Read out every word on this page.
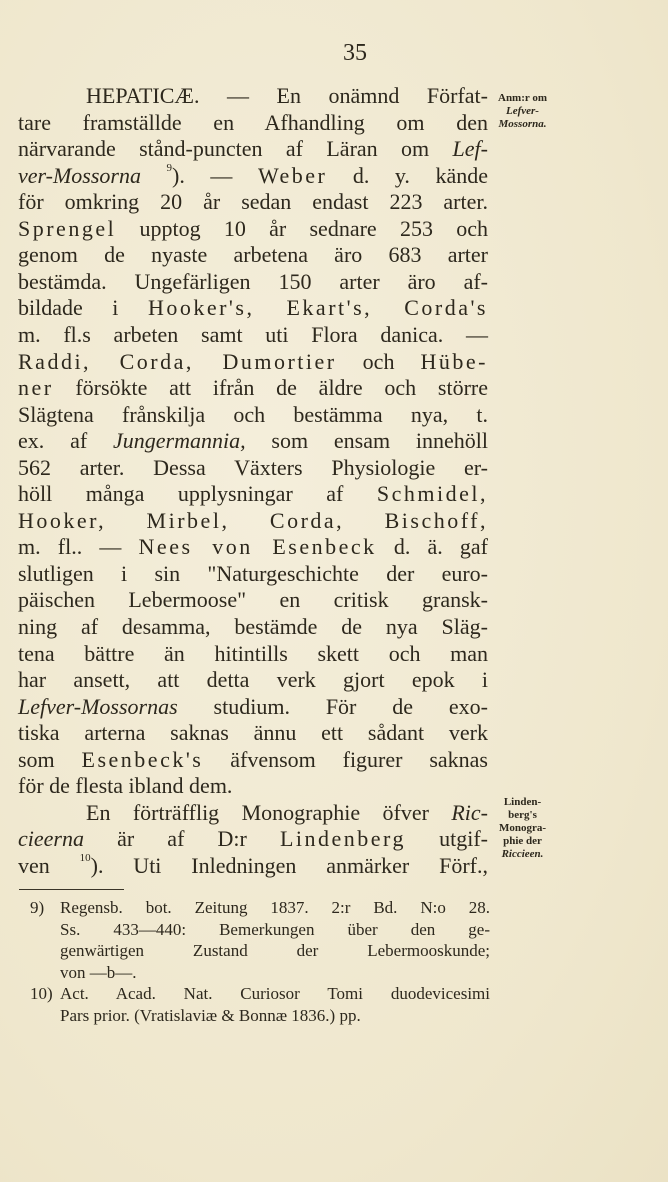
35
HEPATICÆ. — En onämnd Förfat-
tare framställde en Afhandling om den
närvarande stånd-puncten af Läran om Lef-
ver-Mossorna $^9$). — Weber d. y. kände
för omkring 20 år sedan endast 223 arter.
Sprengel upptog 10 år sednare 253 och
genom de nyaste arbetena äro 683 arter
bestämda. Ungefärligen 150 arter äro af-
bildade i Hooker's, Ekart's, Corda's
m. fl.s arbeten samt uti Flora danica. —
Raddi, Corda, Dumortier och Hübe-
ner försökte att ifrån de äldre och större
Slägtena frånskilja och bestämma nya, t.
ex. af Jungermannia, som ensam innehöll
562 arter. Dessa Växters Physiologie er-
höll många upplysningar af Schmidel,
Hooker, Mirbel, Corda, Bischoff,
m. fl.. — Nees von Esenbeck d. ä. gaf
slutligen i sin "Naturgeschichte der euro-
päischen Lebermoose" en critisk gransk-
ning af desamma, bestämde de nya Släg-
tena bättre än hitintills skett och man
har ansett, att detta verk gjort epok i
Lefver-Mossornas studium. För de exo-
tiska arterna saknas ännu ett sådant verk
som Esenbeck's äfvensom figurer saknas
för de flesta ibland dem.
En förträfflig Monographie öfver Ric-
cieerna är af D:r Lindenberg utgif-
ven $^{10}$). Uti Inledningen anmärker Förf.,
Anm:r om
Lefver-
Mossorna.
Linden-
berg's
Monogra-
phie der
Riccieen.
9) Regensb. bot. Zeitung 1837. 2:r Bd. N:o 28.
Ss. 433—440: Bemerkungen über den ge-
genwärtigen Zustand der Lebermooskunde;
von —b—.
10) Act. Acad. Nat. Curiosor Tomi duodevicesimi
Pars prior. (Vratislaviæ & Bonnæ 1836.) pp.
